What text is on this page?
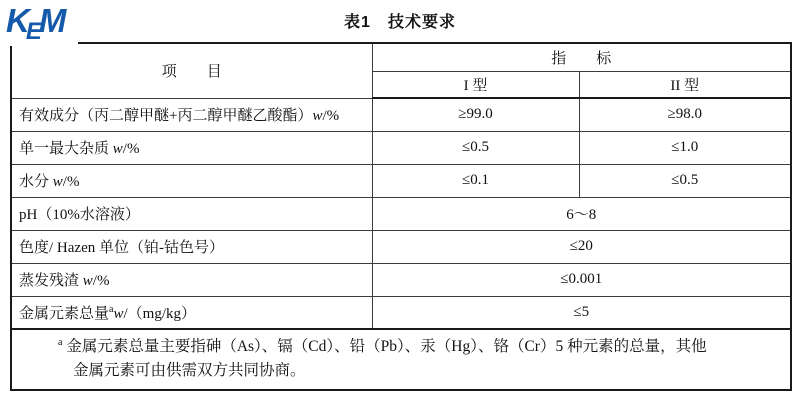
表1　技术要求
项　　目	指　　标	
	I 型	II 型
有效成分（丙二醇甲醚+丙二醇甲醚乙酸酯）w/%	≥99.0	≥98.0
单一最大杂质 w/%	≤0.5	≤1.0
水分 w/%	≤0.1	≤0.5
pH（10%水溶液）	6～8	
色度/ Hazen 单位（铂-钴色号）	≤20	
蒸发残渣 w/%	≤0.001	
金属元素总量$^a$w/（mg/kg）	≤5	

$^a$ 金属元素总量主要指砷（As）、镉（Cd）、铅（Pb）、汞（Hg）、铬（Cr）5 种元素的总量，其他
金属元素可由供需双方共同协商。		
KEM
